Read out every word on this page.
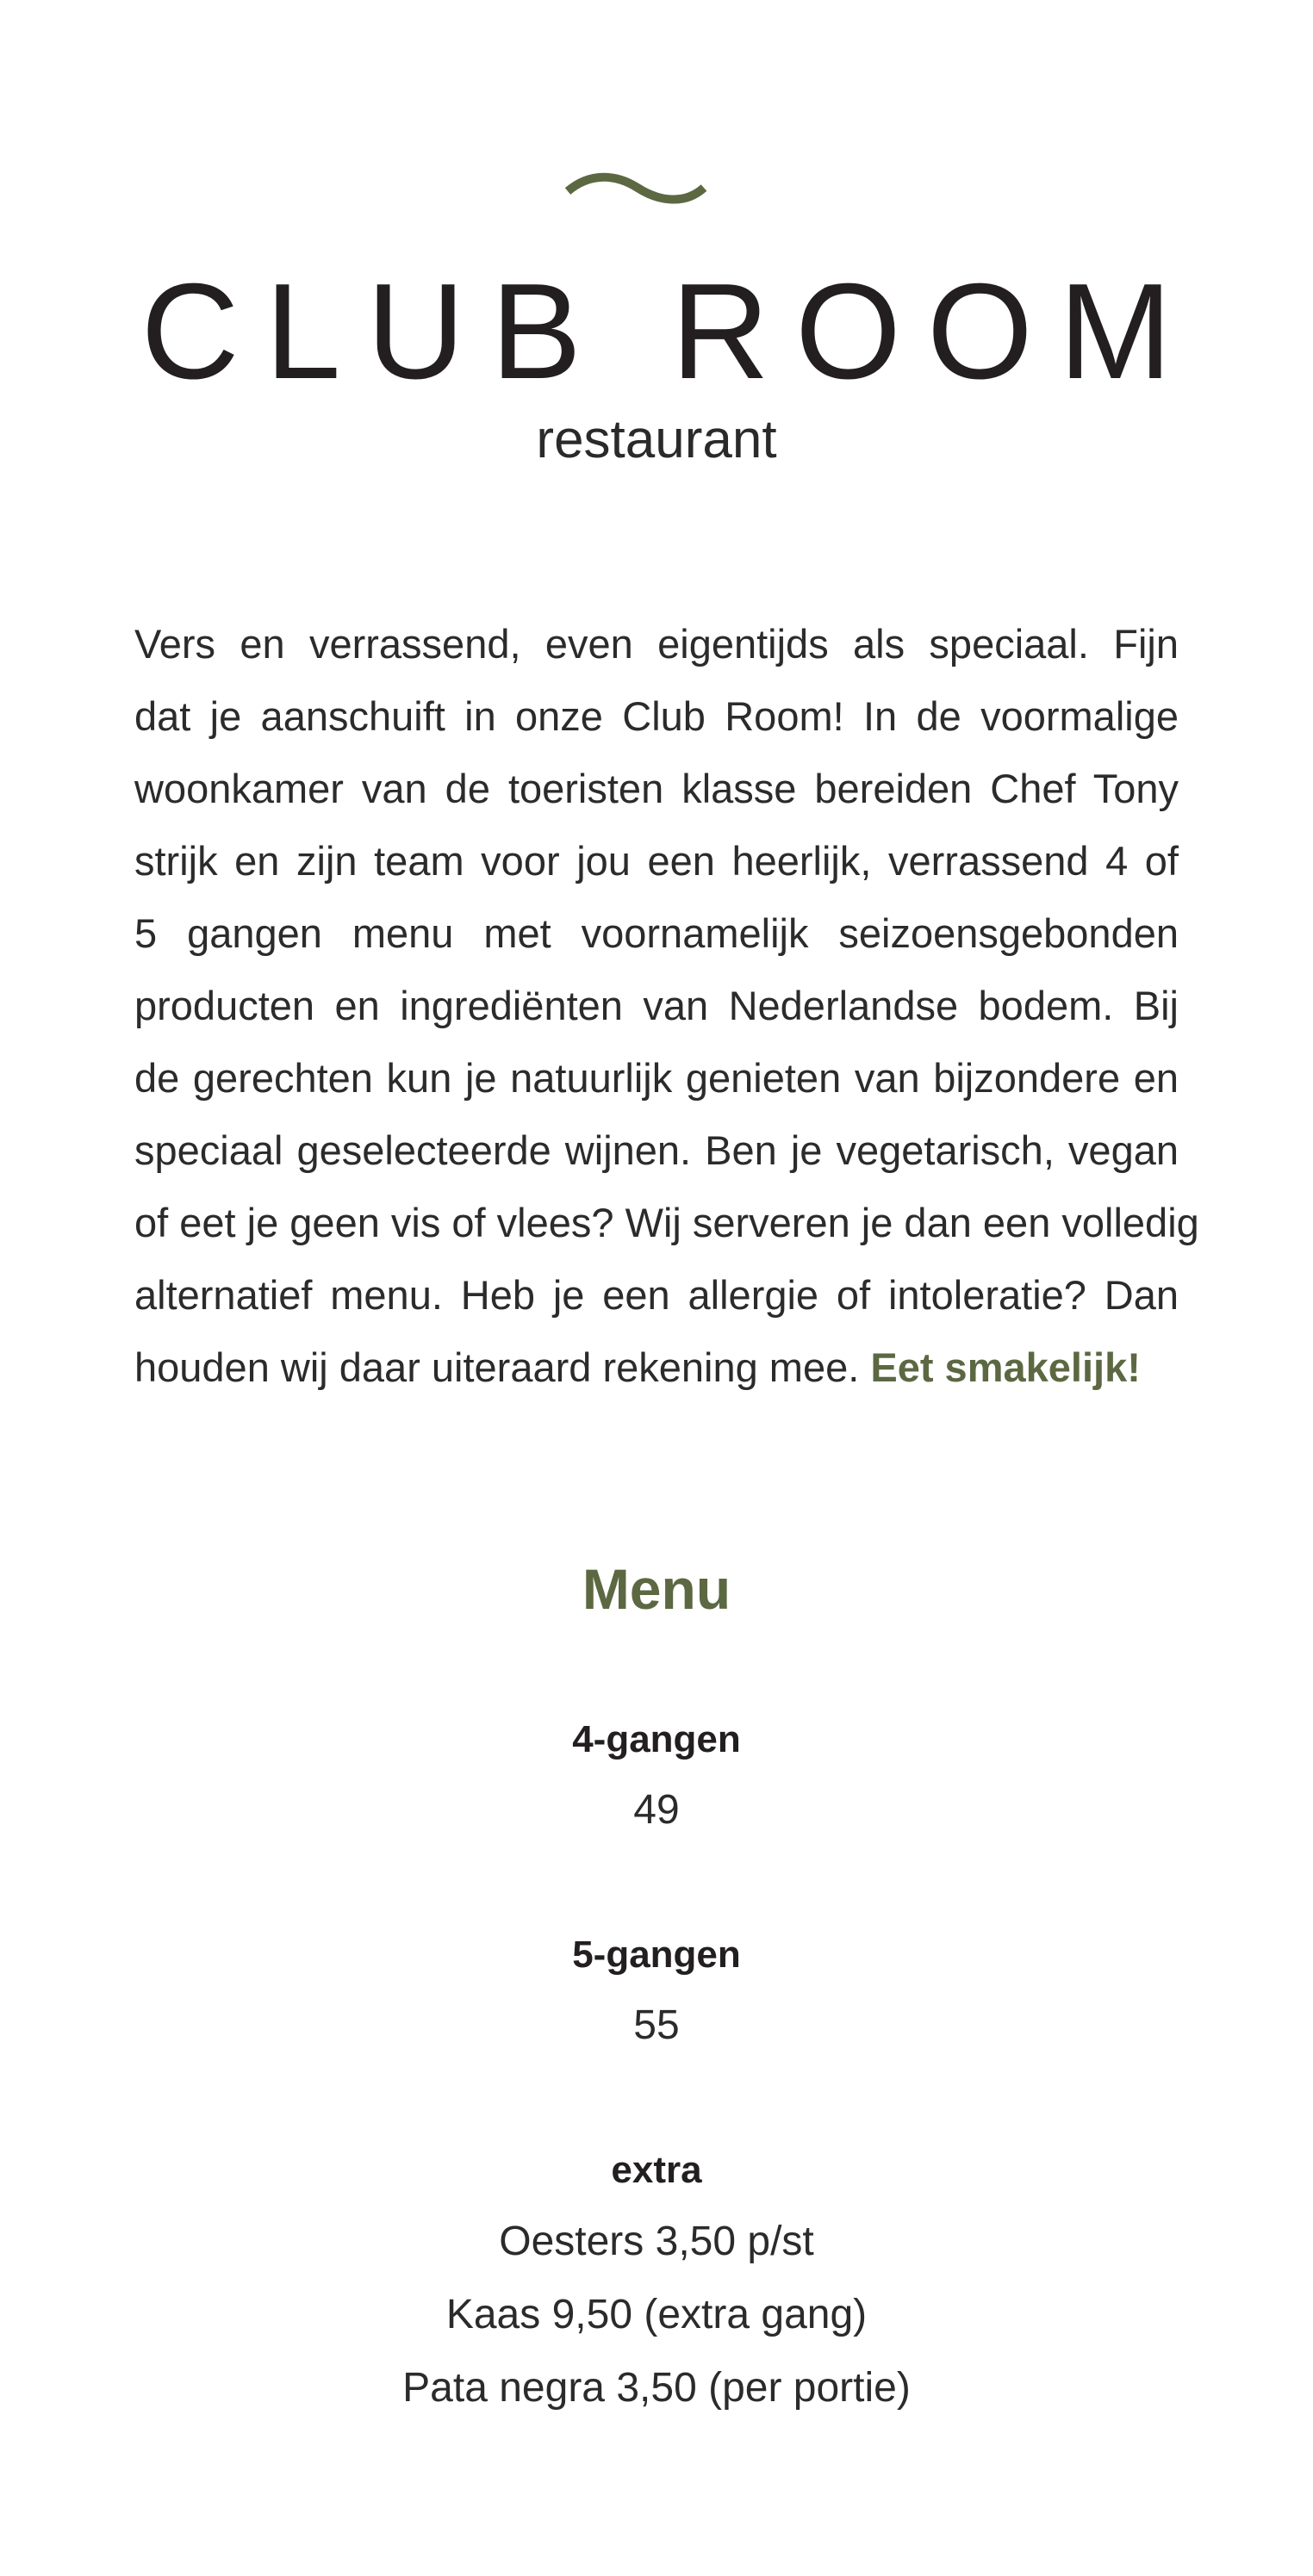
CLUB ROOM
restaurant
Vers en verrassend, even eigentijds als speciaal. Fijn
dat je aanschuift in onze Club Room! In de voormalige
woonkamer van de toeristen klasse bereiden Chef Tony
strijk en zijn team voor jou een heerlijk, verrassend 4 of
5 gangen menu met voornamelijk seizoensgebonden
producten en ingrediënten van Nederlandse bodem. Bij
de gerechten kun je natuurlijk genieten van bijzondere en
speciaal geselecteerde wijnen. Ben je vegetarisch, vegan
of eet je geen vis of vlees? Wij serveren je dan een volledig
alternatief menu. Heb je een allergie of intoleratie? Dan
houden wij daar uiteraard rekening mee. Eet smakelijk!
Menu
4-gangen
49
5-gangen
55
extra
Oesters 3,50 p/st
Kaas 9,50 (extra gang)
Pata negra 3,50 (per portie)
